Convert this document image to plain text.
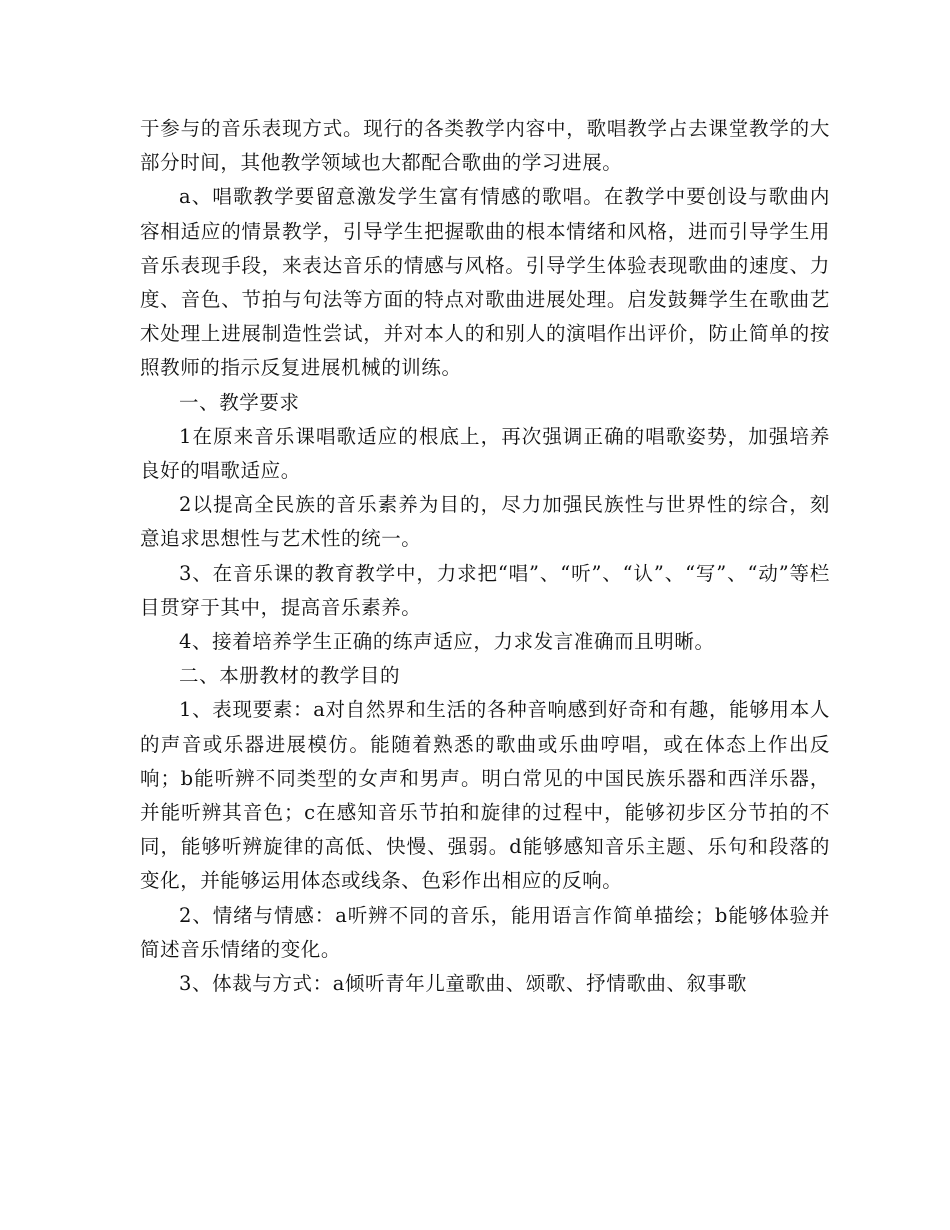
于参与的音乐表现方式。现行的各类教学内容中，歌唱教学占去课堂教学的大部分时间，其他教学领域也大都配合歌曲的学习进展。

a、唱歌教学要留意激发学生富有情感的歌唱。在教学中要创设与歌曲内容相适应的情景教学，引导学生把握歌曲的根本情绪和风格，进而引导学生用音乐表现手段，来表达音乐的情感与风格。引导学生体验表现歌曲的速度、力度、音色、节拍与句法等方面的特点对歌曲进展处理。启发鼓舞学生在歌曲艺术处理上进展制造性尝试，并对本人的和别人的演唱作出评价，防止简单的按照教师的指示反复进展机械的训练。

一、教学要求

1在原来音乐课唱歌适应的根底上，再次强调正确的唱歌姿势，加强培养良好的唱歌适应。

2以提高全民族的音乐素养为目的，尽力加强民族性与世界性的综合，刻意追求思想性与艺术性的统一。

3、在音乐课的教育教学中，力求把“唱”、“听”、“认”、“写”、“动”等栏目贯穿于其中，提高音乐素养。

4、接着培养学生正确的练声适应，力求发言准确而且明晰。

二、本册教材的教学目的

1、表现要素：a对自然界和生活的各种音响感到好奇和有趣，能够用本人的声音或乐器进展模仿。能随着熟悉的歌曲或乐曲哼唱，或在体态上作出反响；b能听辨不同类型的女声和男声。明白常见的中国民族乐器和西洋乐器，并能听辨其音色；c在感知音乐节拍和旋律的过程中，能够初步区分节拍的不同，能够听辨旋律的高低、快慢、强弱。d能够感知音乐主题、乐句和段落的变化，并能够运用体态或线条、色彩作出相应的反响。

2、情绪与情感：a听辨不同的音乐，能用语言作简单描绘；b能够体验并简述音乐情绪的变化。

3、体裁与方式：a倾听青年儿童歌曲、颂歌、抒情歌曲、叙事歌
